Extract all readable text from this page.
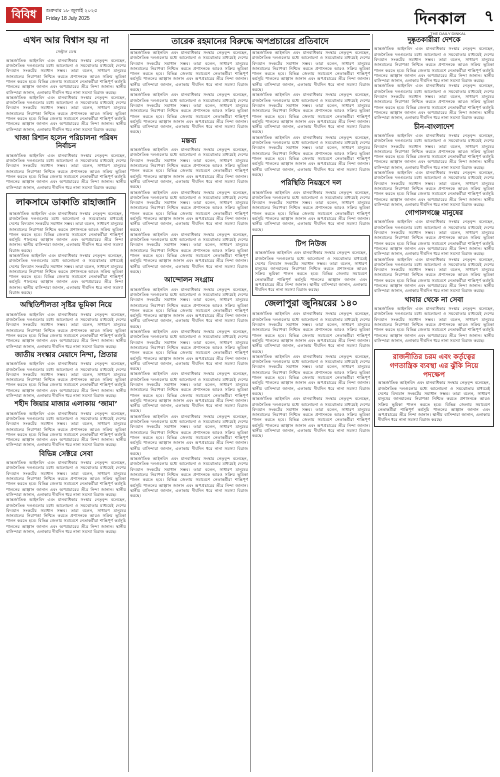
বিবিধ	শুক্রবার ১৮ জুলাই ২০২৫
Friday 18 July 2025	দিনকাল
THE DAILY DINKAL
৭
এখন আর বিশ্বাস হয় না
সেন্ট্রাল ডেস্ক
আন্তর্জাতিক আইনবিদ এবং মানবাধিকার সংস্থার নেতৃবৃন্দ বলেছেন, রাজনৈতিক দলগুলোর মধ্যে আলোচনা ও সমঝোতার মাধ্যমেই দেশের বিদ্যমান সংকটের সমাধান সম্ভব। তারা বলেন, সাধারণ মানুষের জানমালের নিরাপত্তা নিশ্চিত করতে প্রশাসনকে আরও সক্রিয় ভূমিকা পালন করতে হবে। বিভিন্ন জেলায় সমাবেশে নেতাকর্মীরা শান্তিপূর্ণ কর্মসূচি পালনের আহ্বান জানান এবং অপপ্রচারের তীব্র নিন্দা জানান। স্থানীয় বাসিন্দারা জানান, এলাকায় দীর্ঘদিন ধরে নানা সমস্যা বিরাজ করছে।
আন্তর্জাতিক আইনবিদ এবং মানবাধিকার সংস্থার নেতৃবৃন্দ বলেছেন, রাজনৈতিক দলগুলোর মধ্যে আলোচনা ও সমঝোতার মাধ্যমেই দেশের বিদ্যমান সংকটের সমাধান সম্ভব। তারা বলেন, সাধারণ মানুষের জানমালের নিরাপত্তা নিশ্চিত করতে প্রশাসনকে আরও সক্রিয় ভূমিকা পালন করতে হবে। বিভিন্ন জেলায় সমাবেশে নেতাকর্মীরা শান্তিপূর্ণ কর্মসূচি পালনের আহ্বান জানান এবং অপপ্রচারের তীব্র নিন্দা জানান। স্থানীয় বাসিন্দারা জানান, এলাকায় দীর্ঘদিন ধরে নানা সমস্যা বিরাজ করছে।
খাজা রিশান হলেন পরিচালনা পরিষদ নির্বাচন
আন্তর্জাতিক আইনবিদ এবং মানবাধিকার সংস্থার নেতৃবৃন্দ বলেছেন, রাজনৈতিক দলগুলোর মধ্যে আলোচনা ও সমঝোতার মাধ্যমেই দেশের বিদ্যমান সংকটের সমাধান সম্ভব। তারা বলেন, সাধারণ মানুষের জানমালের নিরাপত্তা নিশ্চিত করতে প্রশাসনকে আরও সক্রিয় ভূমিকা পালন করতে হবে। বিভিন্ন জেলায় সমাবেশে নেতাকর্মীরা শান্তিপূর্ণ কর্মসূচি পালনের আহ্বান জানান এবং অপপ্রচারের তীব্র নিন্দা জানান। স্থানীয় বাসিন্দারা জানান, এলাকায় দীর্ঘদিন ধরে নানা সমস্যা বিরাজ করছে।
লাকসামে ডাকাতি রাহাজানি
আন্তর্জাতিক আইনবিদ এবং মানবাধিকার সংস্থার নেতৃবৃন্দ বলেছেন, রাজনৈতিক দলগুলোর মধ্যে আলোচনা ও সমঝোতার মাধ্যমেই দেশের বিদ্যমান সংকটের সমাধান সম্ভব। তারা বলেন, সাধারণ মানুষের জানমালের নিরাপত্তা নিশ্চিত করতে প্রশাসনকে আরও সক্রিয় ভূমিকা পালন করতে হবে। বিভিন্ন জেলায় সমাবেশে নেতাকর্মীরা শান্তিপূর্ণ কর্মসূচি পালনের আহ্বান জানান এবং অপপ্রচারের তীব্র নিন্দা জানান। স্থানীয় বাসিন্দারা জানান, এলাকায় দীর্ঘদিন ধরে নানা সমস্যা বিরাজ করছে।
আন্তর্জাতিক আইনবিদ এবং মানবাধিকার সংস্থার নেতৃবৃন্দ বলেছেন, রাজনৈতিক দলগুলোর মধ্যে আলোচনা ও সমঝোতার মাধ্যমেই দেশের বিদ্যমান সংকটের সমাধান সম্ভব। তারা বলেন, সাধারণ মানুষের জানমালের নিরাপত্তা নিশ্চিত করতে প্রশাসনকে আরও সক্রিয় ভূমিকা পালন করতে হবে। বিভিন্ন জেলায় সমাবেশে নেতাকর্মীরা শান্তিপূর্ণ কর্মসূচি পালনের আহ্বান জানান এবং অপপ্রচারের তীব্র নিন্দা জানান। স্থানীয় বাসিন্দারা জানান, এলাকায় দীর্ঘদিন ধরে নানা সমস্যা বিরাজ করছে।
অস্থিতিশীলতা সৃষ্টির ভূমিকা নিয়ে
আন্তর্জাতিক আইনবিদ এবং মানবাধিকার সংস্থার নেতৃবৃন্দ বলেছেন, রাজনৈতিক দলগুলোর মধ্যে আলোচনা ও সমঝোতার মাধ্যমেই দেশের বিদ্যমান সংকটের সমাধান সম্ভব। তারা বলেন, সাধারণ মানুষের জানমালের নিরাপত্তা নিশ্চিত করতে প্রশাসনকে আরও সক্রিয় ভূমিকা পালন করতে হবে। বিভিন্ন জেলায় সমাবেশে নেতাকর্মীরা শান্তিপূর্ণ কর্মসূচি পালনের আহ্বান জানান এবং অপপ্রচারের তীব্র নিন্দা জানান। স্থানীয় বাসিন্দারা জানান, এলাকায় দীর্ঘদিন ধরে নানা সমস্যা বিরাজ করছে।
জাতীয় সংস্কার মেয়াদে নিন্দা, প্রিতার
আন্তর্জাতিক আইনবিদ এবং মানবাধিকার সংস্থার নেতৃবৃন্দ বলেছেন, রাজনৈতিক দলগুলোর মধ্যে আলোচনা ও সমঝোতার মাধ্যমেই দেশের বিদ্যমান সংকটের সমাধান সম্ভব। তারা বলেন, সাধারণ মানুষের জানমালের নিরাপত্তা নিশ্চিত করতে প্রশাসনকে আরও সক্রিয় ভূমিকা পালন করতে হবে। বিভিন্ন জেলায় সমাবেশে নেতাকর্মীরা শান্তিপূর্ণ কর্মসূচি পালনের আহ্বান জানান এবং অপপ্রচারের তীব্র নিন্দা জানান। স্থানীয় বাসিন্দারা জানান, এলাকায় দীর্ঘদিন ধরে নানা সমস্যা বিরাজ করছে।
শহীদ জিয়ার মাজার এলাকায় ‘জামা’
আন্তর্জাতিক আইনবিদ এবং মানবাধিকার সংস্থার নেতৃবৃন্দ বলেছেন, রাজনৈতিক দলগুলোর মধ্যে আলোচনা ও সমঝোতার মাধ্যমেই দেশের বিদ্যমান সংকটের সমাধান সম্ভব। তারা বলেন, সাধারণ মানুষের জানমালের নিরাপত্তা নিশ্চিত করতে প্রশাসনকে আরও সক্রিয় ভূমিকা পালন করতে হবে। বিভিন্ন জেলায় সমাবেশে নেতাকর্মীরা শান্তিপূর্ণ কর্মসূচি পালনের আহ্বান জানান এবং অপপ্রচারের তীব্র নিন্দা জানান। স্থানীয় বাসিন্দারা জানান, এলাকায় দীর্ঘদিন ধরে নানা সমস্যা বিরাজ করছে।
বিভিন্ন সেক্টরে সেবা
আন্তর্জাতিক আইনবিদ এবং মানবাধিকার সংস্থার নেতৃবৃন্দ বলেছেন, রাজনৈতিক দলগুলোর মধ্যে আলোচনা ও সমঝোতার মাধ্যমেই দেশের বিদ্যমান সংকটের সমাধান সম্ভব। তারা বলেন, সাধারণ মানুষের জানমালের নিরাপত্তা নিশ্চিত করতে প্রশাসনকে আরও সক্রিয় ভূমিকা পালন করতে হবে। বিভিন্ন জেলায় সমাবেশে নেতাকর্মীরা শান্তিপূর্ণ কর্মসূচি পালনের আহ্বান জানান এবং অপপ্রচারের তীব্র নিন্দা জানান। স্থানীয় বাসিন্দারা জানান, এলাকায় দীর্ঘদিন ধরে নানা সমস্যা বিরাজ করছে।
আন্তর্জাতিক আইনবিদ এবং মানবাধিকার সংস্থার নেতৃবৃন্দ বলেছেন, রাজনৈতিক দলগুলোর মধ্যে আলোচনা ও সমঝোতার মাধ্যমেই দেশের বিদ্যমান সংকটের সমাধান সম্ভব। তারা বলেন, সাধারণ মানুষের জানমালের নিরাপত্তা নিশ্চিত করতে প্রশাসনকে আরও সক্রিয় ভূমিকা পালন করতে হবে। বিভিন্ন জেলায় সমাবেশে নেতাকর্মীরা শান্তিপূর্ণ কর্মসূচি পালনের আহ্বান জানান এবং অপপ্রচারের তীব্র নিন্দা জানান। স্থানীয় বাসিন্দারা জানান, এলাকায় দীর্ঘদিন ধরে নানা সমস্যা বিরাজ করছে।
তারেক রহমানের বিরুদ্ধে অপপ্রচারের প্রতিবাদে
আন্তর্জাতিক আইনবিদ এবং মানবাধিকার সংস্থার নেতৃবৃন্দ বলেছেন, রাজনৈতিক দলগুলোর মধ্যে আলোচনা ও সমঝোতার মাধ্যমেই দেশের বিদ্যমান সংকটের সমাধান সম্ভব। তারা বলেন, সাধারণ মানুষের জানমালের নিরাপত্তা নিশ্চিত করতে প্রশাসনকে আরও সক্রিয় ভূমিকা পালন করতে হবে। বিভিন্ন জেলায় সমাবেশে নেতাকর্মীরা শান্তিপূর্ণ কর্মসূচি পালনের আহ্বান জানান এবং অপপ্রচারের তীব্র নিন্দা জানান। স্থানীয় বাসিন্দারা জানান, এলাকায় দীর্ঘদিন ধরে নানা সমস্যা বিরাজ করছে।
আন্তর্জাতিক আইনবিদ এবং মানবাধিকার সংস্থার নেতৃবৃন্দ বলেছেন, রাজনৈতিক দলগুলোর মধ্যে আলোচনা ও সমঝোতার মাধ্যমেই দেশের বিদ্যমান সংকটের সমাধান সম্ভব। তারা বলেন, সাধারণ মানুষের জানমালের নিরাপত্তা নিশ্চিত করতে প্রশাসনকে আরও সক্রিয় ভূমিকা পালন করতে হবে। বিভিন্ন জেলায় সমাবেশে নেতাকর্মীরা শান্তিপূর্ণ কর্মসূচি পালনের আহ্বান জানান এবং অপপ্রচারের তীব্র নিন্দা জানান। স্থানীয় বাসিন্দারা জানান, এলাকায় দীর্ঘদিন ধরে নানা সমস্যা বিরাজ করছে।
মন্তব্য
আন্তর্জাতিক আইনবিদ এবং মানবাধিকার সংস্থার নেতৃবৃন্দ বলেছেন, রাজনৈতিক দলগুলোর মধ্যে আলোচনা ও সমঝোতার মাধ্যমেই দেশের বিদ্যমান সংকটের সমাধান সম্ভব। তারা বলেন, সাধারণ মানুষের জানমালের নিরাপত্তা নিশ্চিত করতে প্রশাসনকে আরও সক্রিয় ভূমিকা পালন করতে হবে। বিভিন্ন জেলায় সমাবেশে নেতাকর্মীরা শান্তিপূর্ণ কর্মসূচি পালনের আহ্বান জানান এবং অপপ্রচারের তীব্র নিন্দা জানান। স্থানীয় বাসিন্দারা জানান, এলাকায় দীর্ঘদিন ধরে নানা সমস্যা বিরাজ করছে।
আন্তর্জাতিক আইনবিদ এবং মানবাধিকার সংস্থার নেতৃবৃন্দ বলেছেন, রাজনৈতিক দলগুলোর মধ্যে আলোচনা ও সমঝোতার মাধ্যমেই দেশের বিদ্যমান সংকটের সমাধান সম্ভব। তারা বলেন, সাধারণ মানুষের জানমালের নিরাপত্তা নিশ্চিত করতে প্রশাসনকে আরও সক্রিয় ভূমিকা পালন করতে হবে। বিভিন্ন জেলায় সমাবেশে নেতাকর্মীরা শান্তিপূর্ণ কর্মসূচি পালনের আহ্বান জানান এবং অপপ্রচারের তীব্র নিন্দা জানান। স্থানীয় বাসিন্দারা জানান, এলাকায় দীর্ঘদিন ধরে নানা সমস্যা বিরাজ করছে।
আন্তর্জাতিক আইনবিদ এবং মানবাধিকার সংস্থার নেতৃবৃন্দ বলেছেন, রাজনৈতিক দলগুলোর মধ্যে আলোচনা ও সমঝোতার মাধ্যমেই দেশের বিদ্যমান সংকটের সমাধান সম্ভব। তারা বলেন, সাধারণ মানুষের জানমালের নিরাপত্তা নিশ্চিত করতে প্রশাসনকে আরও সক্রিয় ভূমিকা পালন করতে হবে। বিভিন্ন জেলায় সমাবেশে নেতাকর্মীরা শান্তিপূর্ণ কর্মসূচি পালনের আহ্বান জানান এবং অপপ্রচারের তীব্র নিন্দা জানান। স্থানীয় বাসিন্দারা জানান, এলাকায় দীর্ঘদিন ধরে নানা সমস্যা বিরাজ করছে।
আন্দোলন সংগ্রাম
আন্তর্জাতিক আইনবিদ এবং মানবাধিকার সংস্থার নেতৃবৃন্দ বলেছেন, রাজনৈতিক দলগুলোর মধ্যে আলোচনা ও সমঝোতার মাধ্যমেই দেশের বিদ্যমান সংকটের সমাধান সম্ভব। তারা বলেন, সাধারণ মানুষের জানমালের নিরাপত্তা নিশ্চিত করতে প্রশাসনকে আরও সক্রিয় ভূমিকা পালন করতে হবে। বিভিন্ন জেলায় সমাবেশে নেতাকর্মীরা শান্তিপূর্ণ কর্মসূচি পালনের আহ্বান জানান এবং অপপ্রচারের তীব্র নিন্দা জানান। স্থানীয় বাসিন্দারা জানান, এলাকায় দীর্ঘদিন ধরে নানা সমস্যা বিরাজ করছে।
আন্তর্জাতিক আইনবিদ এবং মানবাধিকার সংস্থার নেতৃবৃন্দ বলেছেন, রাজনৈতিক দলগুলোর মধ্যে আলোচনা ও সমঝোতার মাধ্যমেই দেশের বিদ্যমান সংকটের সমাধান সম্ভব। তারা বলেন, সাধারণ মানুষের জানমালের নিরাপত্তা নিশ্চিত করতে প্রশাসনকে আরও সক্রিয় ভূমিকা পালন করতে হবে। বিভিন্ন জেলায় সমাবেশে নেতাকর্মীরা শান্তিপূর্ণ কর্মসূচি পালনের আহ্বান জানান এবং অপপ্রচারের তীব্র নিন্দা জানান। স্থানীয় বাসিন্দারা জানান, এলাকায় দীর্ঘদিন ধরে নানা সমস্যা বিরাজ করছে।
আন্তর্জাতিক আইনবিদ এবং মানবাধিকার সংস্থার নেতৃবৃন্দ বলেছেন, রাজনৈতিক দলগুলোর মধ্যে আলোচনা ও সমঝোতার মাধ্যমেই দেশের বিদ্যমান সংকটের সমাধান সম্ভব। তারা বলেন, সাধারণ মানুষের জানমালের নিরাপত্তা নিশ্চিত করতে প্রশাসনকে আরও সক্রিয় ভূমিকা পালন করতে হবে। বিভিন্ন জেলায় সমাবেশে নেতাকর্মীরা শান্তিপূর্ণ কর্মসূচি পালনের আহ্বান জানান এবং অপপ্রচারের তীব্র নিন্দা জানান। স্থানীয় বাসিন্দারা জানান, এলাকায় দীর্ঘদিন ধরে নানা সমস্যা বিরাজ করছে।
আন্তর্জাতিক আইনবিদ এবং মানবাধিকার সংস্থার নেতৃবৃন্দ বলেছেন, রাজনৈতিক দলগুলোর মধ্যে আলোচনা ও সমঝোতার মাধ্যমেই দেশের বিদ্যমান সংকটের সমাধান সম্ভব। তারা বলেন, সাধারণ মানুষের জানমালের নিরাপত্তা নিশ্চিত করতে প্রশাসনকে আরও সক্রিয় ভূমিকা পালন করতে হবে। বিভিন্ন জেলায় সমাবেশে নেতাকর্মীরা শান্তিপূর্ণ কর্মসূচি পালনের আহ্বান জানান এবং অপপ্রচারের তীব্র নিন্দা জানান। স্থানীয় বাসিন্দারা জানান, এলাকায় দীর্ঘদিন ধরে নানা সমস্যা বিরাজ করছে।
আন্তর্জাতিক আইনবিদ এবং মানবাধিকার সংস্থার নেতৃবৃন্দ বলেছেন, রাজনৈতিক দলগুলোর মধ্যে আলোচনা ও সমঝোতার মাধ্যমেই দেশের বিদ্যমান সংকটের সমাধান সম্ভব। তারা বলেন, সাধারণ মানুষের জানমালের নিরাপত্তা নিশ্চিত করতে প্রশাসনকে আরও সক্রিয় ভূমিকা পালন করতে হবে। বিভিন্ন জেলায় সমাবেশে নেতাকর্মীরা শান্তিপূর্ণ কর্মসূচি পালনের আহ্বান জানান এবং অপপ্রচারের তীব্র নিন্দা জানান। স্থানীয় বাসিন্দারা জানান, এলাকায় দীর্ঘদিন ধরে নানা সমস্যা বিরাজ করছে।
আন্তর্জাতিক আইনবিদ এবং মানবাধিকার সংস্থার নেতৃবৃন্দ বলেছেন, রাজনৈতিক দলগুলোর মধ্যে আলোচনা ও সমঝোতার মাধ্যমেই দেশের বিদ্যমান সংকটের সমাধান সম্ভব। তারা বলেন, সাধারণ মানুষের জানমালের নিরাপত্তা নিশ্চিত করতে প্রশাসনকে আরও সক্রিয় ভূমিকা পালন করতে হবে। বিভিন্ন জেলায় সমাবেশে নেতাকর্মীরা শান্তিপূর্ণ কর্মসূচি পালনের আহ্বান জানান এবং অপপ্রচারের তীব্র নিন্দা জানান। স্থানীয় বাসিন্দারা জানান, এলাকায় দীর্ঘদিন ধরে নানা সমস্যা বিরাজ করছে।
আন্তর্জাতিক আইনবিদ এবং মানবাধিকার সংস্থার নেতৃবৃন্দ বলেছেন, রাজনৈতিক দলগুলোর মধ্যে আলোচনা ও সমঝোতার মাধ্যমেই দেশের বিদ্যমান সংকটের সমাধান সম্ভব। তারা বলেন, সাধারণ মানুষের জানমালের নিরাপত্তা নিশ্চিত করতে প্রশাসনকে আরও সক্রিয় ভূমিকা পালন করতে হবে। বিভিন্ন জেলায় সমাবেশে নেতাকর্মীরা শান্তিপূর্ণ কর্মসূচি পালনের আহ্বান জানান এবং অপপ্রচারের তীব্র নিন্দা জানান। স্থানীয় বাসিন্দারা জানান, এলাকায় দীর্ঘদিন ধরে নানা সমস্যা বিরাজ করছে।
আন্তর্জাতিক আইনবিদ এবং মানবাধিকার সংস্থার নেতৃবৃন্দ বলেছেন, রাজনৈতিক দলগুলোর মধ্যে আলোচনা ও সমঝোতার মাধ্যমেই দেশের বিদ্যমান সংকটের সমাধান সম্ভব। তারা বলেন, সাধারণ মানুষের জানমালের নিরাপত্তা নিশ্চিত করতে প্রশাসনকে আরও সক্রিয় ভূমিকা পালন করতে হবে। বিভিন্ন জেলায় সমাবেশে নেতাকর্মীরা শান্তিপূর্ণ কর্মসূচি পালনের আহ্বান জানান এবং অপপ্রচারের তীব্র নিন্দা জানান। স্থানীয় বাসিন্দারা জানান, এলাকায় দীর্ঘদিন ধরে নানা সমস্যা বিরাজ করছে।
পরিস্থিতি নিয়ন্ত্রণে দল
আন্তর্জাতিক আইনবিদ এবং মানবাধিকার সংস্থার নেতৃবৃন্দ বলেছেন, রাজনৈতিক দলগুলোর মধ্যে আলোচনা ও সমঝোতার মাধ্যমেই দেশের বিদ্যমান সংকটের সমাধান সম্ভব। তারা বলেন, সাধারণ মানুষের জানমালের নিরাপত্তা নিশ্চিত করতে প্রশাসনকে আরও সক্রিয় ভূমিকা পালন করতে হবে। বিভিন্ন জেলায় সমাবেশে নেতাকর্মীরা শান্তিপূর্ণ কর্মসূচি পালনের আহ্বান জানান এবং অপপ্রচারের তীব্র নিন্দা জানান। স্থানীয় বাসিন্দারা জানান, এলাকায় দীর্ঘদিন ধরে নানা সমস্যা বিরাজ করছে।
টিপ নিউজ
আন্তর্জাতিক আইনবিদ এবং মানবাধিকার সংস্থার নেতৃবৃন্দ বলেছেন, রাজনৈতিক দলগুলোর মধ্যে আলোচনা ও সমঝোতার মাধ্যমেই দেশের বিদ্যমান সংকটের সমাধান সম্ভব। তারা বলেন, সাধারণ মানুষের জানমালের নিরাপত্তা নিশ্চিত করতে প্রশাসনকে আরও সক্রিয় ভূমিকা পালন করতে হবে। বিভিন্ন জেলায় সমাবেশে নেতাকর্মীরা শান্তিপূর্ণ কর্মসূচি পালনের আহ্বান জানান এবং অপপ্রচারের তীব্র নিন্দা জানান। স্থানীয় বাসিন্দারা জানান, এলাকায় দীর্ঘদিন ধরে নানা সমস্যা বিরাজ করছে।
জেলাপুরা জুনিয়রের ১৪০
আন্তর্জাতিক আইনবিদ এবং মানবাধিকার সংস্থার নেতৃবৃন্দ বলেছেন, রাজনৈতিক দলগুলোর মধ্যে আলোচনা ও সমঝোতার মাধ্যমেই দেশের বিদ্যমান সংকটের সমাধান সম্ভব। তারা বলেন, সাধারণ মানুষের জানমালের নিরাপত্তা নিশ্চিত করতে প্রশাসনকে আরও সক্রিয় ভূমিকা পালন করতে হবে। বিভিন্ন জেলায় সমাবেশে নেতাকর্মীরা শান্তিপূর্ণ কর্মসূচি পালনের আহ্বান জানান এবং অপপ্রচারের তীব্র নিন্দা জানান। স্থানীয় বাসিন্দারা জানান, এলাকায় দীর্ঘদিন ধরে নানা সমস্যা বিরাজ করছে।
আন্তর্জাতিক আইনবিদ এবং মানবাধিকার সংস্থার নেতৃবৃন্দ বলেছেন, রাজনৈতিক দলগুলোর মধ্যে আলোচনা ও সমঝোতার মাধ্যমেই দেশের বিদ্যমান সংকটের সমাধান সম্ভব। তারা বলেন, সাধারণ মানুষের জানমালের নিরাপত্তা নিশ্চিত করতে প্রশাসনকে আরও সক্রিয় ভূমিকা পালন করতে হবে। বিভিন্ন জেলায় সমাবেশে নেতাকর্মীরা শান্তিপূর্ণ কর্মসূচি পালনের আহ্বান জানান এবং অপপ্রচারের তীব্র নিন্দা জানান। স্থানীয় বাসিন্দারা জানান, এলাকায় দীর্ঘদিন ধরে নানা সমস্যা বিরাজ করছে।
আন্তর্জাতিক আইনবিদ এবং মানবাধিকার সংস্থার নেতৃবৃন্দ বলেছেন, রাজনৈতিক দলগুলোর মধ্যে আলোচনা ও সমঝোতার মাধ্যমেই দেশের বিদ্যমান সংকটের সমাধান সম্ভব। তারা বলেন, সাধারণ মানুষের জানমালের নিরাপত্তা নিশ্চিত করতে প্রশাসনকে আরও সক্রিয় ভূমিকা পালন করতে হবে। বিভিন্ন জেলায় সমাবেশে নেতাকর্মীরা শান্তিপূর্ণ কর্মসূচি পালনের আহ্বান জানান এবং অপপ্রচারের তীব্র নিন্দা জানান। স্থানীয় বাসিন্দারা জানান, এলাকায় দীর্ঘদিন ধরে নানা সমস্যা বিরাজ করছে।
দুষ্কৃতকারীরা দেশকে
আন্তর্জাতিক আইনবিদ এবং মানবাধিকার সংস্থার নেতৃবৃন্দ বলেছেন, রাজনৈতিক দলগুলোর মধ্যে আলোচনা ও সমঝোতার মাধ্যমেই দেশের বিদ্যমান সংকটের সমাধান সম্ভব। তারা বলেন, সাধারণ মানুষের জানমালের নিরাপত্তা নিশ্চিত করতে প্রশাসনকে আরও সক্রিয় ভূমিকা পালন করতে হবে। বিভিন্ন জেলায় সমাবেশে নেতাকর্মীরা শান্তিপূর্ণ কর্মসূচি পালনের আহ্বান জানান এবং অপপ্রচারের তীব্র নিন্দা জানান। স্থানীয় বাসিন্দারা জানান, এলাকায় দীর্ঘদিন ধরে নানা সমস্যা বিরাজ করছে।
আন্তর্জাতিক আইনবিদ এবং মানবাধিকার সংস্থার নেতৃবৃন্দ বলেছেন, রাজনৈতিক দলগুলোর মধ্যে আলোচনা ও সমঝোতার মাধ্যমেই দেশের বিদ্যমান সংকটের সমাধান সম্ভব। তারা বলেন, সাধারণ মানুষের জানমালের নিরাপত্তা নিশ্চিত করতে প্রশাসনকে আরও সক্রিয় ভূমিকা পালন করতে হবে। বিভিন্ন জেলায় সমাবেশে নেতাকর্মীরা শান্তিপূর্ণ কর্মসূচি পালনের আহ্বান জানান এবং অপপ্রচারের তীব্র নিন্দা জানান। স্থানীয় বাসিন্দারা জানান, এলাকায় দীর্ঘদিন ধরে নানা সমস্যা বিরাজ করছে।
চীন-বাংলাদেশ
আন্তর্জাতিক আইনবিদ এবং মানবাধিকার সংস্থার নেতৃবৃন্দ বলেছেন, রাজনৈতিক দলগুলোর মধ্যে আলোচনা ও সমঝোতার মাধ্যমেই দেশের বিদ্যমান সংকটের সমাধান সম্ভব। তারা বলেন, সাধারণ মানুষের জানমালের নিরাপত্তা নিশ্চিত করতে প্রশাসনকে আরও সক্রিয় ভূমিকা পালন করতে হবে। বিভিন্ন জেলায় সমাবেশে নেতাকর্মীরা শান্তিপূর্ণ কর্মসূচি পালনের আহ্বান জানান এবং অপপ্রচারের তীব্র নিন্দা জানান। স্থানীয় বাসিন্দারা জানান, এলাকায় দীর্ঘদিন ধরে নানা সমস্যা বিরাজ করছে।
আন্তর্জাতিক আইনবিদ এবং মানবাধিকার সংস্থার নেতৃবৃন্দ বলেছেন, রাজনৈতিক দলগুলোর মধ্যে আলোচনা ও সমঝোতার মাধ্যমেই দেশের বিদ্যমান সংকটের সমাধান সম্ভব। তারা বলেন, সাধারণ মানুষের জানমালের নিরাপত্তা নিশ্চিত করতে প্রশাসনকে আরও সক্রিয় ভূমিকা পালন করতে হবে। বিভিন্ন জেলায় সমাবেশে নেতাকর্মীরা শান্তিপূর্ণ কর্মসূচি পালনের আহ্বান জানান এবং অপপ্রচারের তীব্র নিন্দা জানান। স্থানীয় বাসিন্দারা জানান, এলাকায় দীর্ঘদিন ধরে নানা সমস্যা বিরাজ করছে।
গোপালগঞ্জে মানুষের
আন্তর্জাতিক আইনবিদ এবং মানবাধিকার সংস্থার নেতৃবৃন্দ বলেছেন, রাজনৈতিক দলগুলোর মধ্যে আলোচনা ও সমঝোতার মাধ্যমেই দেশের বিদ্যমান সংকটের সমাধান সম্ভব। তারা বলেন, সাধারণ মানুষের জানমালের নিরাপত্তা নিশ্চিত করতে প্রশাসনকে আরও সক্রিয় ভূমিকা পালন করতে হবে। বিভিন্ন জেলায় সমাবেশে নেতাকর্মীরা শান্তিপূর্ণ কর্মসূচি পালনের আহ্বান জানান এবং অপপ্রচারের তীব্র নিন্দা জানান। স্থানীয় বাসিন্দারা জানান, এলাকায় দীর্ঘদিন ধরে নানা সমস্যা বিরাজ করছে।
আন্তর্জাতিক আইনবিদ এবং মানবাধিকার সংস্থার নেতৃবৃন্দ বলেছেন, রাজনৈতিক দলগুলোর মধ্যে আলোচনা ও সমঝোতার মাধ্যমেই দেশের বিদ্যমান সংকটের সমাধান সম্ভব। তারা বলেন, সাধারণ মানুষের জানমালের নিরাপত্তা নিশ্চিত করতে প্রশাসনকে আরও সক্রিয় ভূমিকা পালন করতে হবে। বিভিন্ন জেলায় সমাবেশে নেতাকর্মীরা শান্তিপূর্ণ কর্মসূচি পালনের আহ্বান জানান এবং অপপ্রচারের তীব্র নিন্দা জানান। স্থানীয় বাসিন্দারা জানান, এলাকায় দীর্ঘদিন ধরে নানা সমস্যা বিরাজ করছে।
খাবার থেকে না সেবা
আন্তর্জাতিক আইনবিদ এবং মানবাধিকার সংস্থার নেতৃবৃন্দ বলেছেন, রাজনৈতিক দলগুলোর মধ্যে আলোচনা ও সমঝোতার মাধ্যমেই দেশের বিদ্যমান সংকটের সমাধান সম্ভব। তারা বলেন, সাধারণ মানুষের জানমালের নিরাপত্তা নিশ্চিত করতে প্রশাসনকে আরও সক্রিয় ভূমিকা পালন করতে হবে। বিভিন্ন জেলায় সমাবেশে নেতাকর্মীরা শান্তিপূর্ণ কর্মসূচি পালনের আহ্বান জানান এবং অপপ্রচারের তীব্র নিন্দা জানান। স্থানীয় বাসিন্দারা জানান, এলাকায় দীর্ঘদিন ধরে নানা সমস্যা বিরাজ করছে।
রাজনীতির চরম এবং কর্তৃত্বের গণতান্ত্রিক ব্যবস্থা এর ঝুঁকি নিয়ে পদক্ষেপ
আন্তর্জাতিক আইনবিদ এবং মানবাধিকার সংস্থার নেতৃবৃন্দ বলেছেন, রাজনৈতিক দলগুলোর মধ্যে আলোচনা ও সমঝোতার মাধ্যমেই দেশের বিদ্যমান সংকটের সমাধান সম্ভব। তারা বলেন, সাধারণ মানুষের জানমালের নিরাপত্তা নিশ্চিত করতে প্রশাসনকে আরও সক্রিয় ভূমিকা পালন করতে হবে। বিভিন্ন জেলায় সমাবেশে নেতাকর্মীরা শান্তিপূর্ণ কর্মসূচি পালনের আহ্বান জানান এবং অপপ্রচারের তীব্র নিন্দা জানান। স্থানীয় বাসিন্দারা জানান, এলাকায় দীর্ঘদিন ধরে নানা সমস্যা বিরাজ করছে।
